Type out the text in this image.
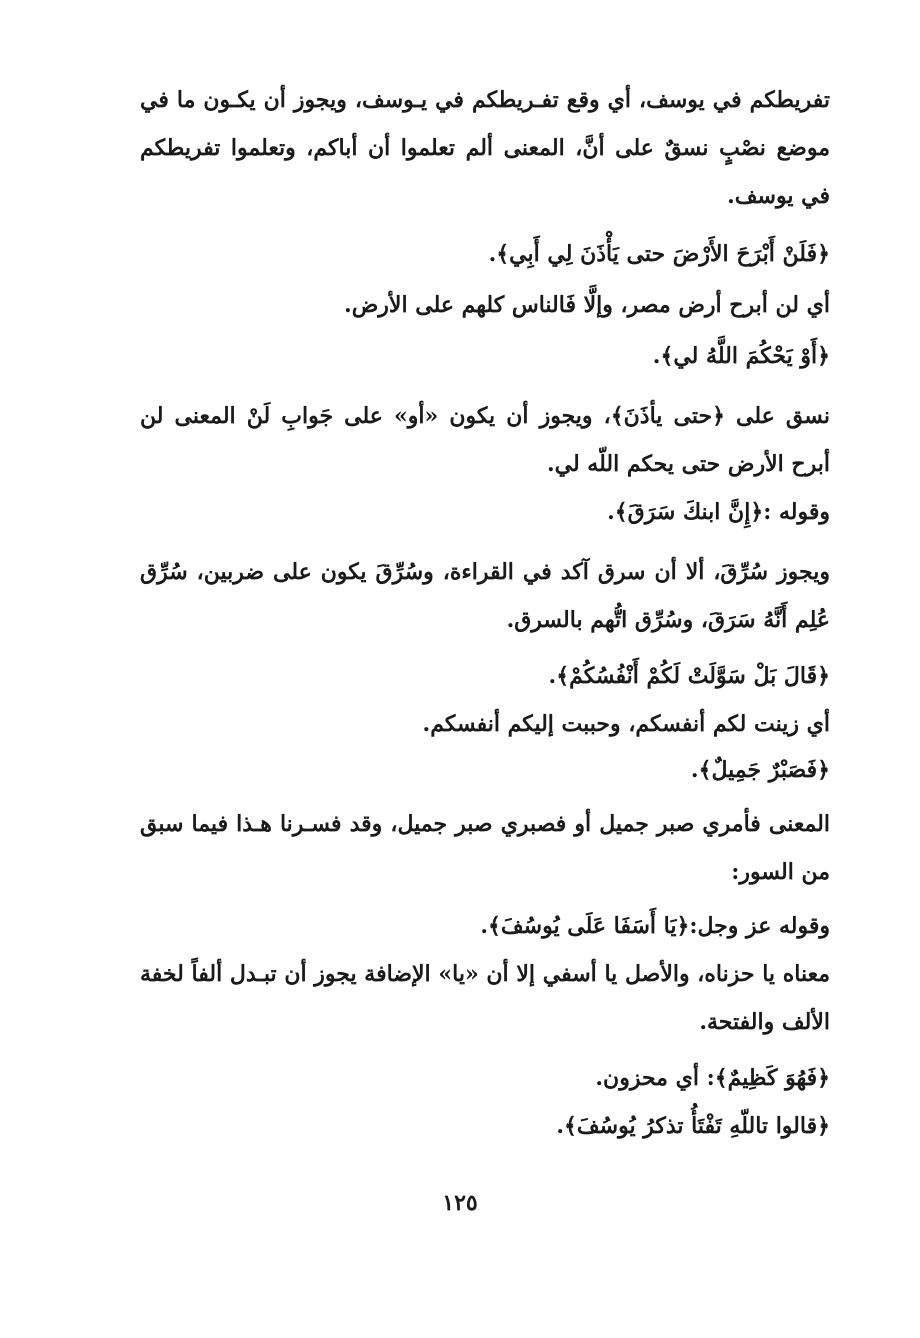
تفريطكم في يوسف، أي وقع تفـريطكم في يـوسف، ويجوز أن يكـون ما في موضع نصْبٍ نسقٌ على أنَّ، المعنى ألم تعلموا أن أباكم، وتعلموا تفريطكم في يوسف.
﴿فَلَنْ أَبْرَحَ الأَرْضَ حتى يَأْذَنَ لِي أَبِي﴾.
أي لن أبرح أرض مصر، وإلَّا فَالناس كلهم على الأرض.
﴿أَوْ يَحْكُمَ اللَّهُ لي﴾.
نسق على ﴿حتى يأذَنَ﴾، ويجوز أن يكون «أو» على جَوابِ لَنْ المعنى لن أبرح الأرض حتى يحكم اللّه لي.
وقوله :﴿إِنَّ ابنكَ سَرَقَ﴾.
ويجوز سُرِّقَ، ألا أن سرق آكد في القراءة، وسُرِّقَ يكون على ضربين، سُرِّق عُلِم أَنَّهُ سَرَقَ، وسُرِّق اتُّهم بالسرق.
﴿قَالَ بَلْ سَوَّلَتْ لَكُمْ أَنْفُسُكُمْ﴾.
أي زينت لكم أنفسكم، وحببت إليكم أنفسكم.
﴿فَصَبْرٌ جَمِيلٌ﴾.
المعنى فأمري صبر جميل أو فصبري صبر جميل، وقد فسـرنا هـذا فيما سبق من السور:
وقوله عز وجل:﴿يَا أَسَفَا عَلَى يُوسُفَ﴾.
معناه يا حزناه، والأصل يا أسفي إلا أن «يا» الإضافة يجوز أن تبـدل ألفاً لخفة الألف والفتحة.
﴿فَهُوَ كَظِيمٌ﴾: أي محزون.
﴿قالوا تاللّهِ تَفْتَأُ تذكرُ يُوسُفَ﴾.
١٢٥
